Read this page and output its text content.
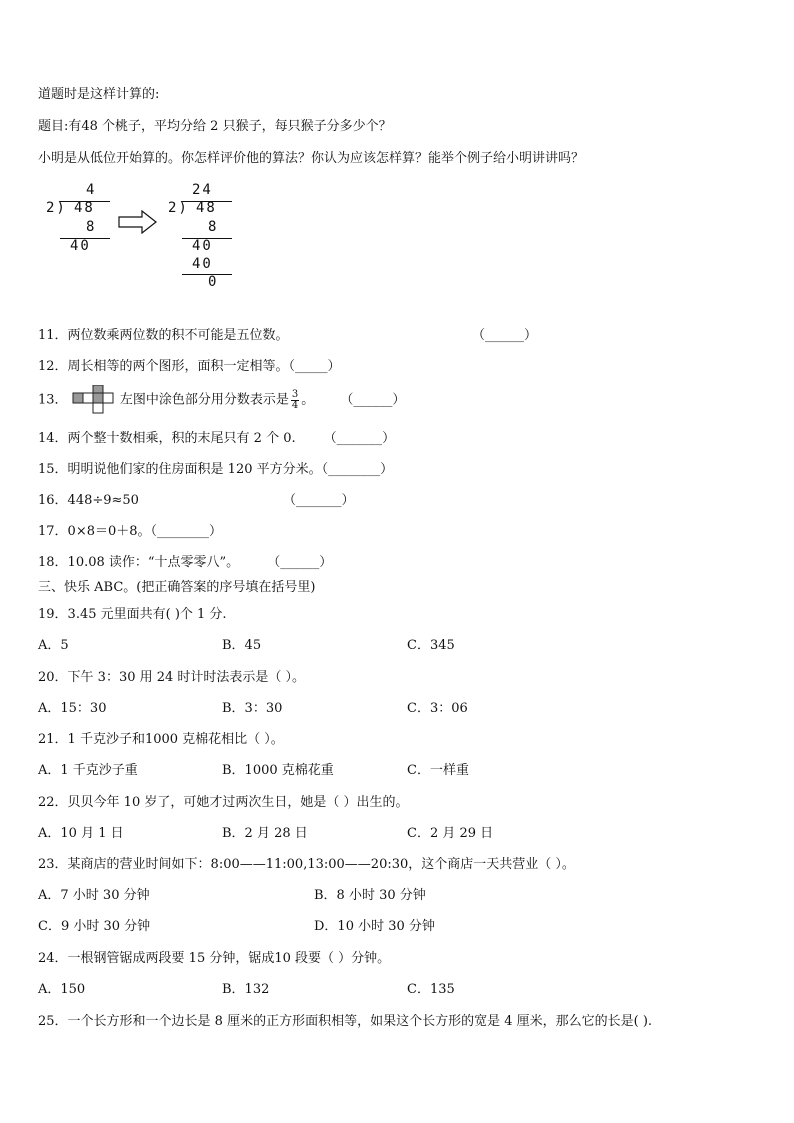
道题时是这样计算的:
题目:有48 个桃子，平均分给 2 只猴子，每只猴子分多少个？
小明是从低位开始算的。你怎样评价他的算法？你认为应该怎样算？能举个例子给小明讲讲吗？
4
2) 48
8
40
24
2) 48
8
40
40
0
11．两位数乘两位数的积不可能是五位数。	（______）
12．周长相等的两个图形，面积一定相等。（_____）
13．	左图中涂色部分用分数表示是 $\frac{3}{4}$ 。 （______）
14．两个整十数相乘，积的末尾只有 2 个 0. （_______）
15．明明说他们家的住房面积是 120 平方分米。（________）
16．448÷9≈50	（_______）
17．0×8＝0＋8。（________）
18．10.08 读作：“十点零零八”。 （______）
三、快乐 ABC。(把正确答案的序号填在括号里)
19．3.45 元里面共有( )个 1 分.
A．5	B．45	C．345
20．下午 3：30 用 24 时计时法表示是（ ）。
A．15：30	B．3：30	C．3：06
21．1 千克沙子和1000 克棉花相比（ ）。
A．1 千克沙子重	B．1000 克棉花重	C．一样重
22．贝贝今年 10 岁了，可她才过两次生日，她是（ ）出生的。
A．10 月 1 日	B．2 月 28 日	C．2 月 29 日
23．某商店的营业时间如下：8:00——11:00,13:00——20:30，这个商店一天共营业（ ）。
A．7 小时 30 分钟	B．8 小时 30 分钟
C．9 小时 30 分钟	D．10 小时 30 分钟
24．一根钢管锯成两段要 15 分钟，锯成10 段要（ ）分钟。
A．150	B．132	C．135
25．一个长方形和一个边长是 8 厘米的正方形面积相等，如果这个长方形的宽是 4 厘米，那么它的长是( ).
